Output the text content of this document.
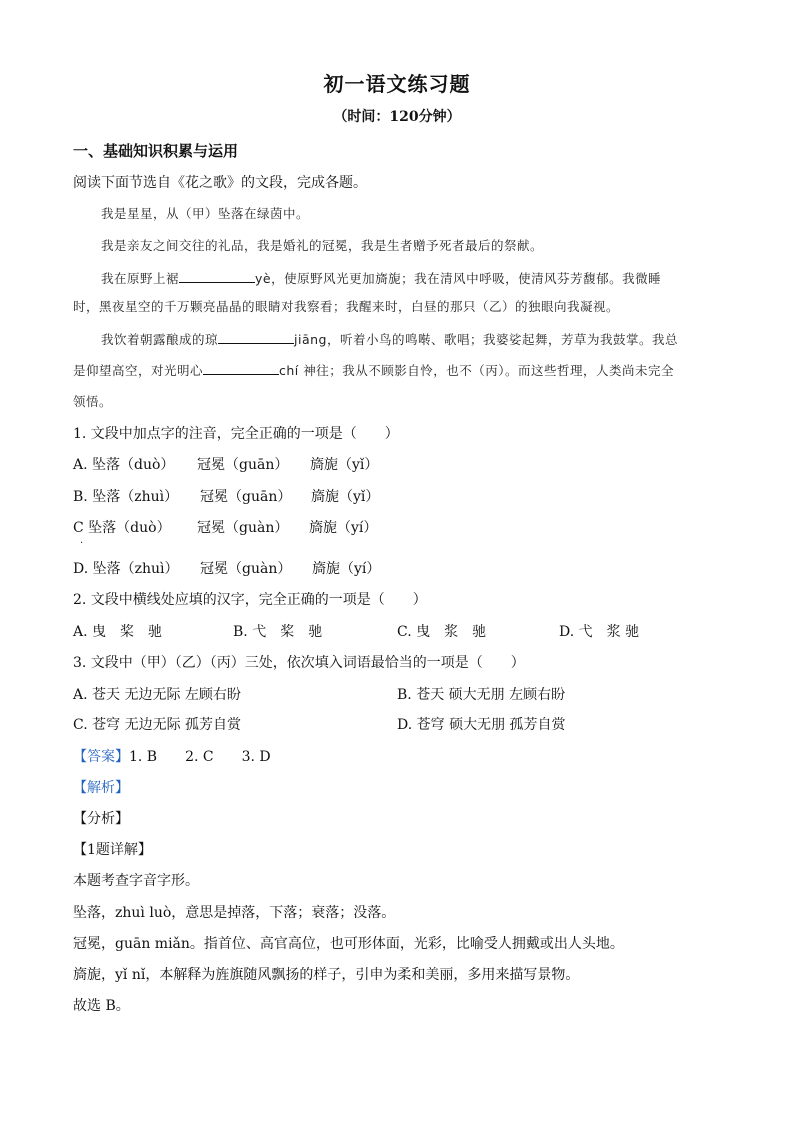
初一语文练习题
（时间：120分钟）
一、基础知识积累与运用
阅读下面节选自《花之歌》的文段，完成各题。
我是星星，从（甲）坠落在绿茵中。
我是亲友之间交往的礼品，我是婚礼的冠冕，我是生者赠予死者最后的祭献。
我在原野上裾	yè，使原野风光更加旖旎；我在清风中呼吸，使清风芬芳馥郁。我微睡
时，黑夜星空的千万颗亮晶晶的眼睛对我察看；我醒来时，白昼的那只（乙）的独眼向我凝视。
我饮着朝露酿成的琼	jiāng，听着小鸟的鸣啭、歌唱；我婆娑起舞，芳草为我鼓掌。我总
是仰望高空，对光明心	chí 神往；我从不顾影自怜，也不（丙）。而这些哲理，人类尚未完全
领悟。
1. 文段中加点字的注音，完全正确的一项是（　　）
A. 坠落（duò） 冠冕（guān） 旖旎（yǐ）
B. 坠落（zhuì） 冠冕（guān） 旖旎（yǐ）
C 坠落（duò） 冠冕（guàn） 旖旎（yí）
.
D. 坠落（zhuì） 冠冕（guàn） 旖旎（yí）
2. 文段中横线处应填的汉字，完全正确的一项是（　　）
A. 曳　桨　驰	B. 弋　桨　驰	C. 曳　浆　驰	D. 弋　浆 驰
3. 文段中（甲）（乙）（丙）三处，依次填入词语最恰当的一项是（　　）
A. 苍天 无边无际 左顾右盼	B. 苍天 硕大无朋 左顾右盼
C. 苍穹 无边无际 孤芳自赏	D. 苍穹 硕大无朋 孤芳自赏
【答案】1. B　　2. C　　3. D
【解析】
【分析】
【1题详解】
本题考查字音字形。
坠落，zhuì luò，意思是掉落，下落；衰落；没落。
冠冕，guān miǎn。指首位、高官高位，也可形体面，光彩，比喻受人拥戴或出人头地。
旖旎，yǐ nǐ，本解释为旌旗随风飘扬的样子，引申为柔和美丽，多用来描写景物。
故选 B。
